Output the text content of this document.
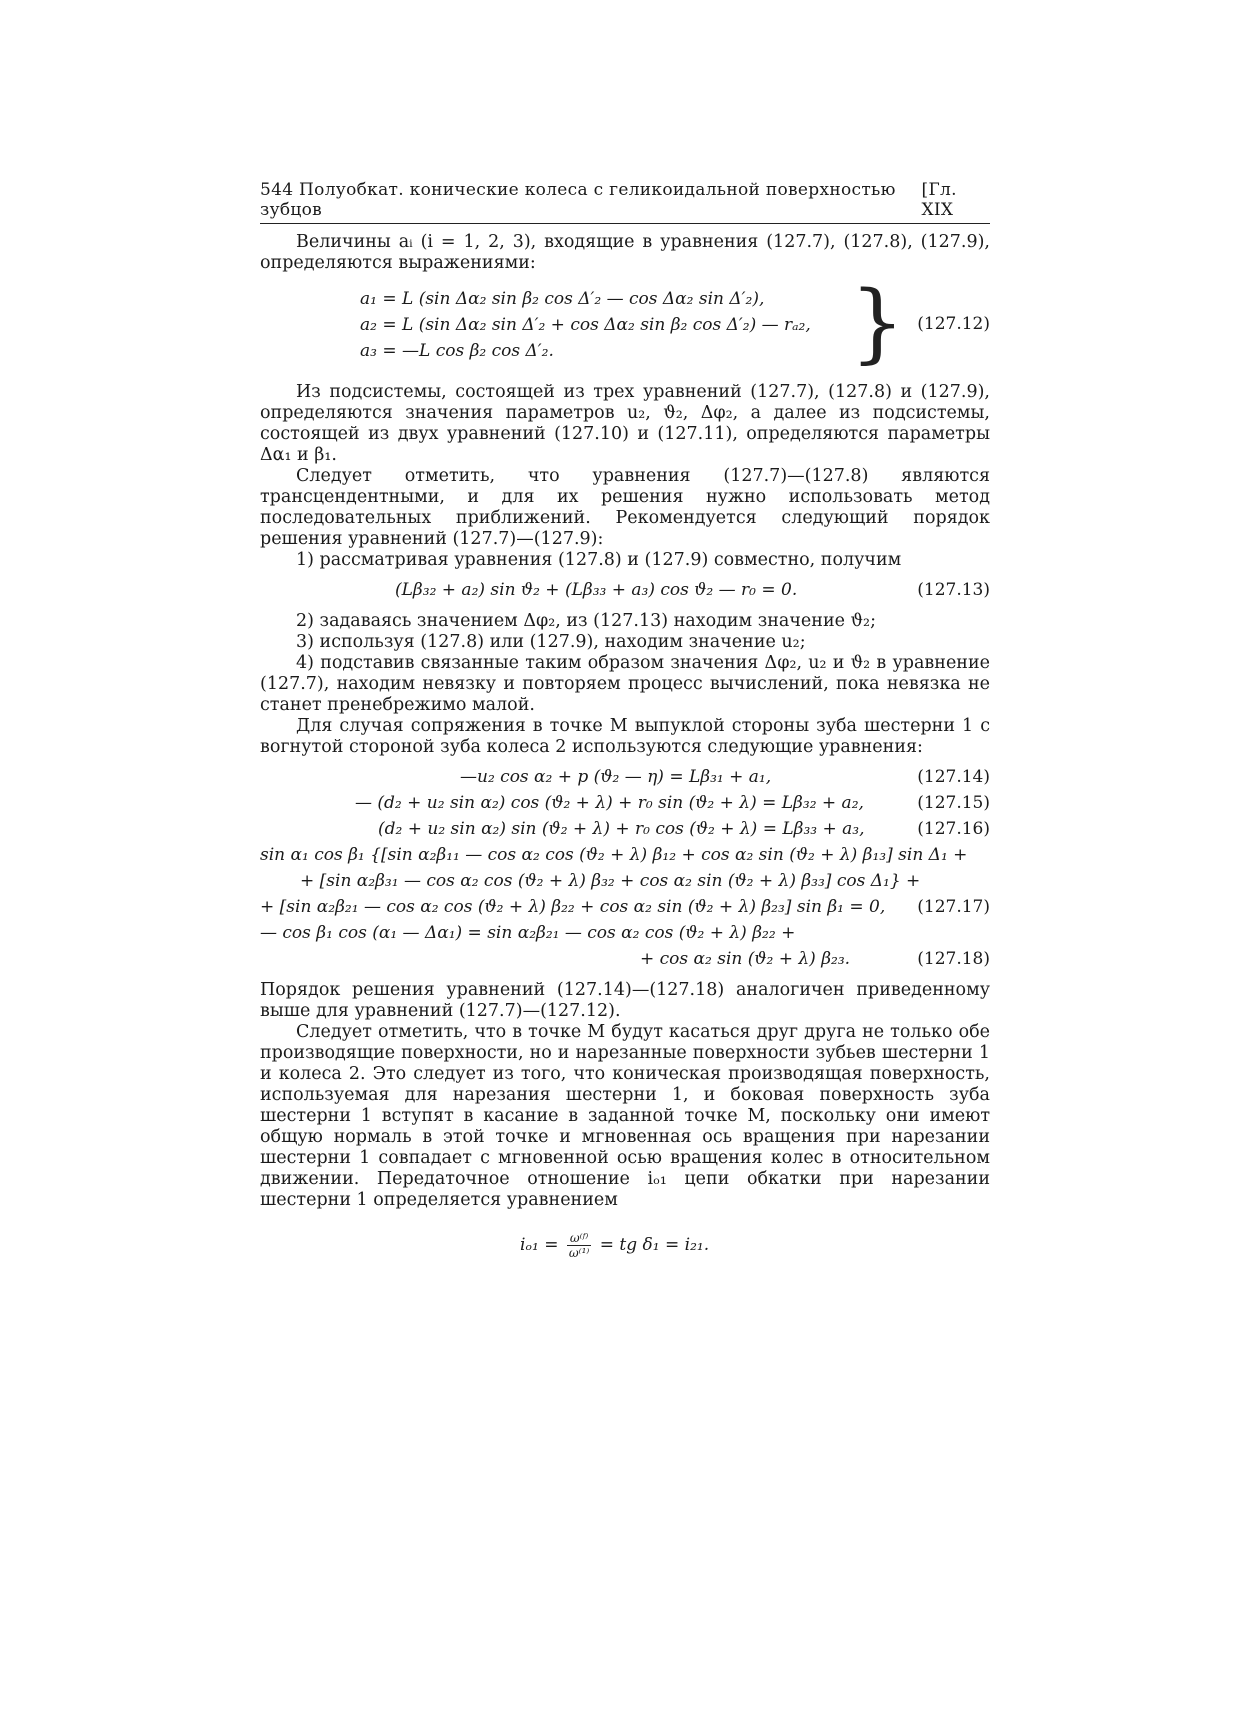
544 Полуобкат. конические колеса с геликоидальной поверхностью зубцов
[Гл. XIX

Величины aᵢ (i = 1, 2, 3), входящие в уравнения (127.7), (127.8), (127.9), определяются выражениями:

a₁ = L (sin Δα₂ sin β₂ cos Δ′₂ — cos Δα₂ sin Δ′₂),
a₂ = L (sin Δα₂ sin Δ′₂ + cos Δα₂ sin β₂ cos Δ′₂) — rₐ₂,
a₃ = —L cos β₂ cos Δ′₂.	} (127.12)

Из подсистемы, состоящей из трех уравнений (127.7), (127.8) и (127.9), определяются значения параметров u₂, ϑ₂, Δφ₂, а далее из подсистемы, состоящей из двух уравнений (127.10) и (127.11), определяются параметры Δα₁ и β₁.

Следует отметить, что уравнения (127.7)—(127.8) являются трансцендентными, и для их решения нужно использовать метод последовательных приближений. Рекомендуется следующий порядок решения уравнений (127.7)—(127.9):

1) рассматривая уравнения (127.8) и (127.9) совместно, получим

(Lβ₃₂ + a₂) sin ϑ₂ + (Lβ₃₃ + a₃) cos ϑ₂ — r₀ = 0.	(127.13)

2) задаваясь значением Δφ₂, из (127.13) находим значение ϑ₂;

3) используя (127.8) или (127.9), находим значение u₂;

4) подставив связанные таким образом значения Δφ₂, u₂ и ϑ₂ в уравнение (127.7), находим невязку и повторяем процесс вычислений, пока невязка не станет пренебрежимо малой.

Для случая сопряжения в точке M выпуклой стороны зуба шестерни 1 с вогнутой стороной зуба колеса 2 используются следующие уравнения:

—u₂ cos α₂ + p (ϑ₂ — η) = Lβ₃₁ + a₁,	(127.14)
— (d₂ + u₂ sin α₂) cos (ϑ₂ + λ) + r₀ sin (ϑ₂ + λ) = Lβ₃₂ + a₂,	(127.15)
(d₂ + u₂ sin α₂) sin (ϑ₂ + λ) + r₀ cos (ϑ₂ + λ) = Lβ₃₃ + a₃,	(127.16)
sin α₁ cos β₁ {[sin α₂β₁₁ — cos α₂ cos (ϑ₂ + λ) β₁₂ + cos α₂ sin (ϑ₂ + λ) β₁₃] sin Δ₁ +
+ [sin α₂β₃₁ — cos α₂ cos (ϑ₂ + λ) β₃₂ + cos α₂ sin (ϑ₂ + λ) β₃₃] cos Δ₁} +
+ [sin α₂β₂₁ — cos α₂ cos (ϑ₂ + λ) β₂₂ + cos α₂ sin (ϑ₂ + λ) β₂₃] sin β₁ = 0, (127.17)
— cos β₁ cos (α₁ — Δα₁) = sin α₂β₂₁ — cos α₂ cos (ϑ₂ + λ) β₂₂ +
+ cos α₂ sin (ϑ₂ + λ) β₂₃.	(127.18)

Порядок решения уравнений (127.14)—(127.18) аналогичен приведенному выше для уравнений (127.7)—(127.12).

Следует отметить, что в точке M будут касаться друг друга не только обе производящие поверхности, но и нарезанные поверхности зубьев шестерни 1 и колеса 2. Это следует из того, что коническая производящая поверхность, используемая для нарезания шестерни 1, и боковая поверхность зуба шестерни 1 вступят в касание в заданной точке M, поскольку они имеют общую нормаль в этой точке и мгновенная ось вращения при нарезании шестерни 1 совпадает с мгновенной осью вращения колес в относительном движении. Передаточное отношение iₒ₁ цепи обкатки при нарезании шестерни 1 определяется уравнением

$i_{o1} = \frac{\text{ω⁽ᶠ⁾}}{\text{ω⁽¹⁾}}$ = tg δ₁ = i₂₁.
